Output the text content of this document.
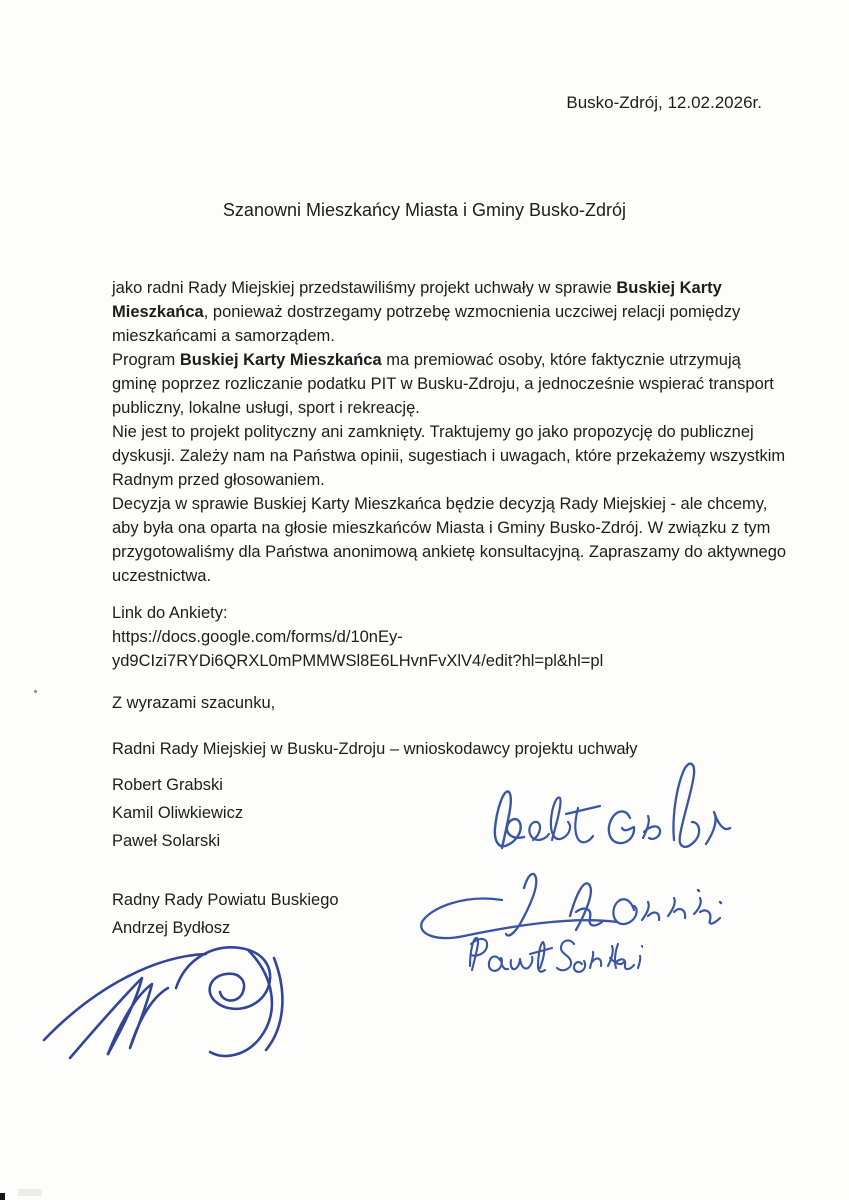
Busko-Zdrój, 12.02.2026r.
Szanowni Mieszkańcy Miasta i Gminy Busko-Zdrój

jako radni Rady Miejskiej przedstawiliśmy projekt uchwały w sprawie Buskiej Karty Mieszkańca, ponieważ dostrzegamy potrzebę wzmocnienia uczciwej relacji pomiędzy mieszkańcami a samorządem.

Program Buskiej Karty Mieszkańca ma premiować osoby, które faktycznie utrzymują gminę poprzez rozliczanie podatku PIT w Busku-Zdroju, a jednocześnie wspierać transport publiczny, lokalne usługi, sport i rekreację.

Nie jest to projekt polityczny ani zamknięty. Traktujemy go jako propozycję do publicznej dyskusji. Zależy nam na Państwa opinii, sugestiach i uwagach, które przekażemy wszystkim Radnym przed głosowaniem.

Decyzja w sprawie Buskiej Karty Mieszkańca będzie decyzją Rady Miejskiej - ale chcemy, aby była ona oparta na głosie mieszkańców Miasta i Gminy Busko-Zdrój. W związku z tym przygotowaliśmy dla Państwa anonimową ankietę konsultacyjną. Zapraszamy do aktywnego uczestnictwa.

Link do Ankiety:
https://docs.google.com/forms/d/10nEy-yd9CIzi7RYDi6QRXL0mPMMWSl8E6LHvnFvXlV4/edit?hl=pl&hl=pl
Z wyrazami szacunku,
Radni Rady Miejskiej w Busku-Zdroju – wnioskodawcy projektu uchwały
Robert Grabski
Kamil Oliwkiewicz
Paweł Solarski
Radny Rady Powiatu Buskiego
Andrzej Bydłosz
